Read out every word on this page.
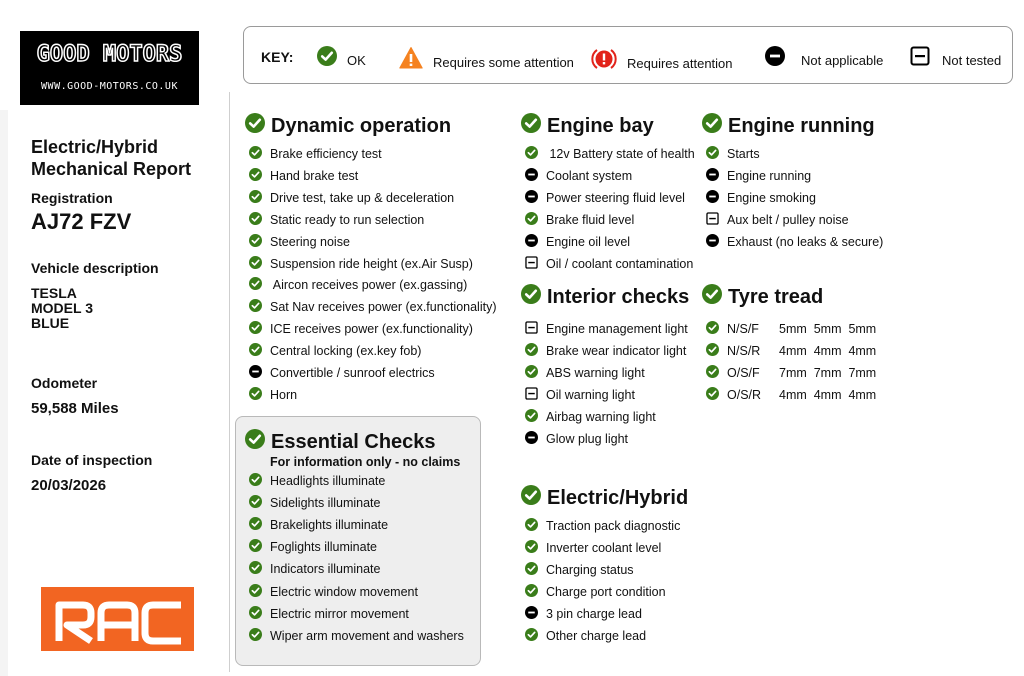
GOOD MOTORS
WWW.GOOD-MOTORS.CO.UK
Electric/Hybrid Mechanical Report
Registration
AJ72 FZV
Vehicle description
TESLA
MODEL 3
BLUE
Odometer
59,588 Miles
Date of inspection
20/03/2026
KEY:	OK	Requires some attention	Requires attention	Not applicable	Not tested
Dynamic operation
Brake efficiency test
Hand brake test
Drive test, take up & deceleration
Static ready to run selection
Steering noise
Suspension ride height (ex.Air Susp)
Aircon receives power (ex.gassing)
Sat Nav receives power (ex.functionality)
ICE receives power (ex.functionality)
Central locking (ex.key fob)
Convertible / sunroof electrics
Horn
Essential Checks
Headlights illuminate
Sidelights illuminate
Brakelights illuminate
Foglights illuminate
Indicators illuminate
Electric window movement
Electric mirror movement
Wiper arm movement and washers
Engine bay
12v Battery state of health
Coolant system
Power steering fluid level
Brake fluid level
Engine oil level
Oil / coolant contamination
Interior checks
Engine management light
Brake wear indicator light
ABS warning light
Oil warning light
Airbag warning light
Glow plug light
Electric/Hybrid
Traction pack diagnostic
Inverter coolant level
Charging status
Charge port condition
3 pin charge lead
Other charge lead
Engine running
Starts
Engine running
Engine smoking
Aux belt / pulley noise
Exhaust (no leaks & secure)
Tyre tread
N/S/F	5mm  5mm  5mm
N/S/R	4mm  4mm  4mm
O/S/F	7mm  7mm  7mm
O/S/R	4mm  4mm  4mm
For information only - no claims
